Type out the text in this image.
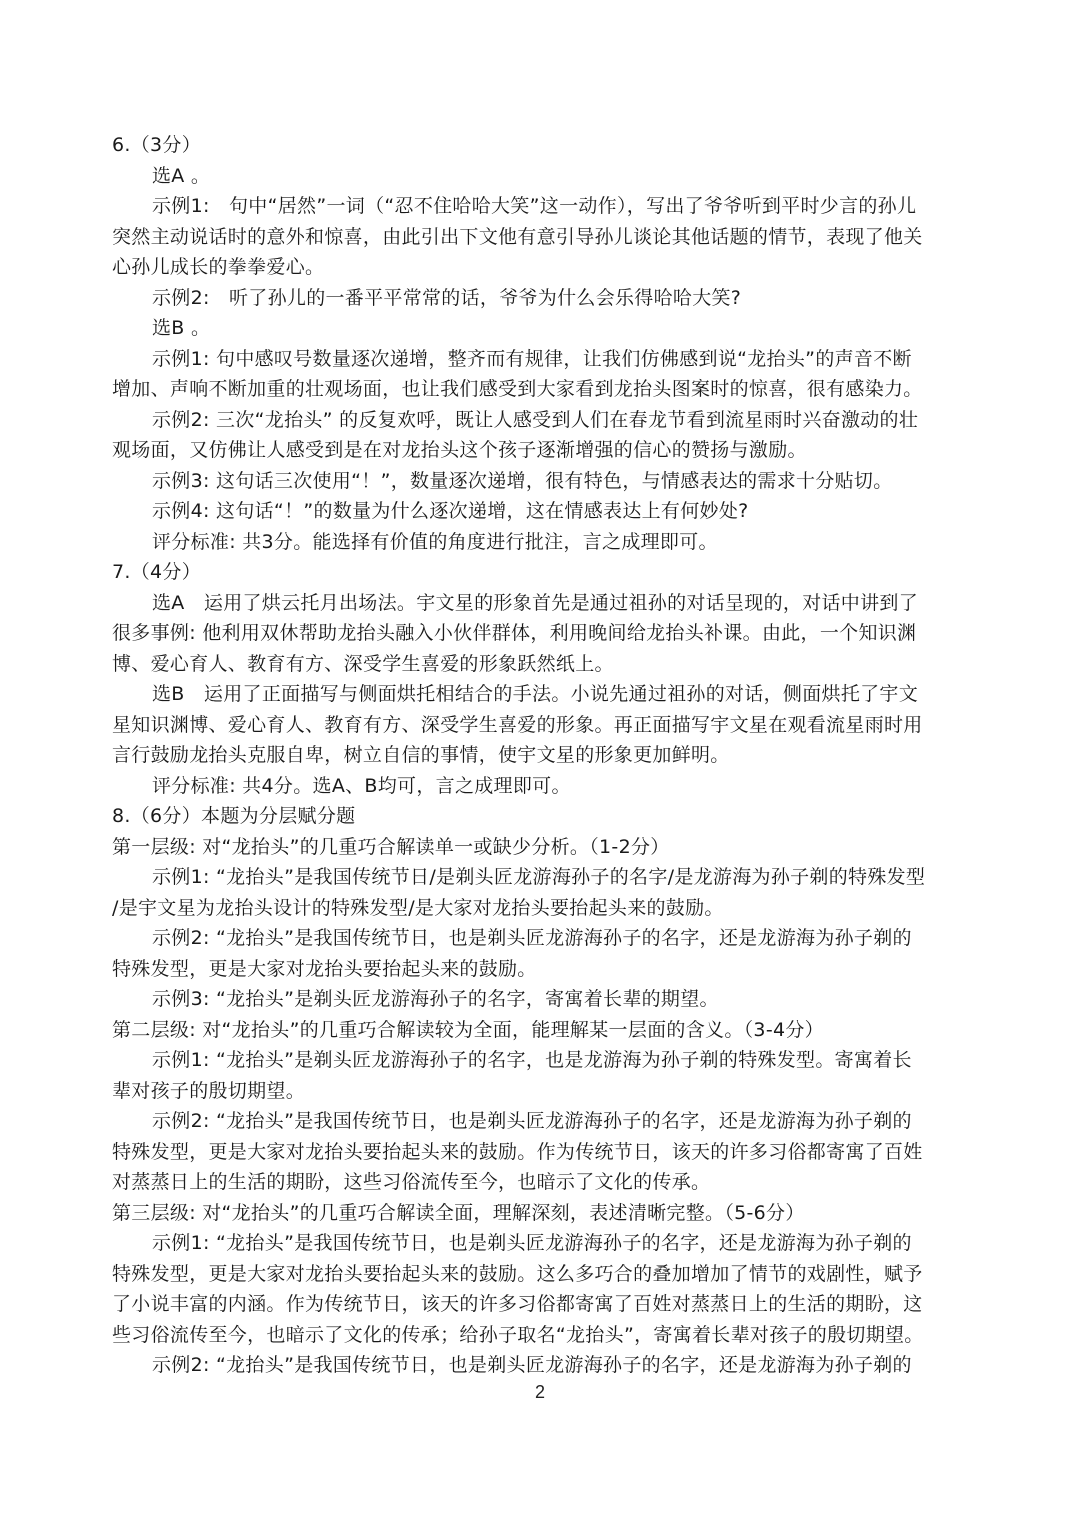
6.（3分）
选A 。
示例1:　句中“居然”一词（“忍不住哈哈大笑”这一动作），写出了爷爷听到平时少言的孙儿
突然主动说话时的意外和惊喜，由此引出下文他有意引导孙儿谈论其他话题的情节，表现了他关
心孙儿成长的拳拳爱心。
示例2:　听了孙儿的一番平平常常的话，爷爷为什么会乐得哈哈大笑?
选B 。
示例1: 句中感叹号数量逐次递增，整齐而有规律，让我们仿佛感到说“龙抬头”的声音不断
增加、声响不断加重的壮观场面，也让我们感受到大家看到龙抬头图案时的惊喜，很有感染力。
示例2: 三次“龙抬头” 的反复欢呼，既让人感受到人们在春龙节看到流星雨时兴奋激动的壮
观场面，又仿佛让人感受到是在对龙抬头这个孩子逐渐增强的信心的赞扬与激励。
示例3: 这句话三次使用“！”，数量逐次递增，很有特色，与情感表达的需求十分贴切。
示例4: 这句话“！”的数量为什么逐次递增，这在情感表达上有何妙处?
评分标准: 共3分。能选择有价值的角度进行批注，言之成理即可。
7.（4分）
选A　运用了烘云托月出场法。宇文星的形象首先是通过祖孙的对话呈现的，对话中讲到了
很多事例: 他利用双休帮助龙抬头融入小伙伴群体，利用晚间给龙抬头补课。由此，一个知识渊
博、爱心育人、教育有方、深受学生喜爱的形象跃然纸上。
选B　运用了正面描写与侧面烘托相结合的手法。小说先通过祖孙的对话，侧面烘托了宇文
星知识渊博、爱心育人、教育有方、深受学生喜爱的形象。再正面描写宇文星在观看流星雨时用
言行鼓励龙抬头克服自卑，树立自信的事情，使宇文星的形象更加鲜明。
评分标准: 共4分。选A、B均可，言之成理即可。
8.（6分）本题为分层赋分题
第一层级: 对“龙抬头”的几重巧合解读单一或缺少分析。（1-2分）
示例1: “龙抬头”是我国传统节日/是剃头匠龙游海孙子的名字/是龙游海为孙子剃的特殊发型
/是宇文星为龙抬头设计的特殊发型/是大家对龙抬头要抬起头来的鼓励。
示例2: “龙抬头”是我国传统节日，也是剃头匠龙游海孙子的名字，还是龙游海为孙子剃的
特殊发型，更是大家对龙抬头要抬起头来的鼓励。
示例3: “龙抬头”是剃头匠龙游海孙子的名字，寄寓着长辈的期望。
第二层级: 对“龙抬头”的几重巧合解读较为全面，能理解某一层面的含义。（3-4分）
示例1: “龙抬头”是剃头匠龙游海孙子的名字，也是龙游海为孙子剃的特殊发型。寄寓着长
辈对孩子的殷切期望。
示例2: “龙抬头”是我国传统节日，也是剃头匠龙游海孙子的名字，还是龙游海为孙子剃的
特殊发型，更是大家对龙抬头要抬起头来的鼓励。作为传统节日，该天的许多习俗都寄寓了百姓
对蒸蒸日上的生活的期盼，这些习俗流传至今，也暗示了文化的传承。
第三层级: 对“龙抬头”的几重巧合解读全面，理解深刻，表述清晰完整。（5-6分）
示例1: “龙抬头”是我国传统节日，也是剃头匠龙游海孙子的名字，还是龙游海为孙子剃的
特殊发型，更是大家对龙抬头要抬起头来的鼓励。这么多巧合的叠加增加了情节的戏剧性，赋予
了小说丰富的内涵。作为传统节日，该天的许多习俗都寄寓了百姓对蒸蒸日上的生活的期盼，这
些习俗流传至今，也暗示了文化的传承；给孙子取名“龙抬头”，寄寓着长辈对孩子的殷切期望。
示例2: “龙抬头”是我国传统节日，也是剃头匠龙游海孙子的名字，还是龙游海为孙子剃的
2
